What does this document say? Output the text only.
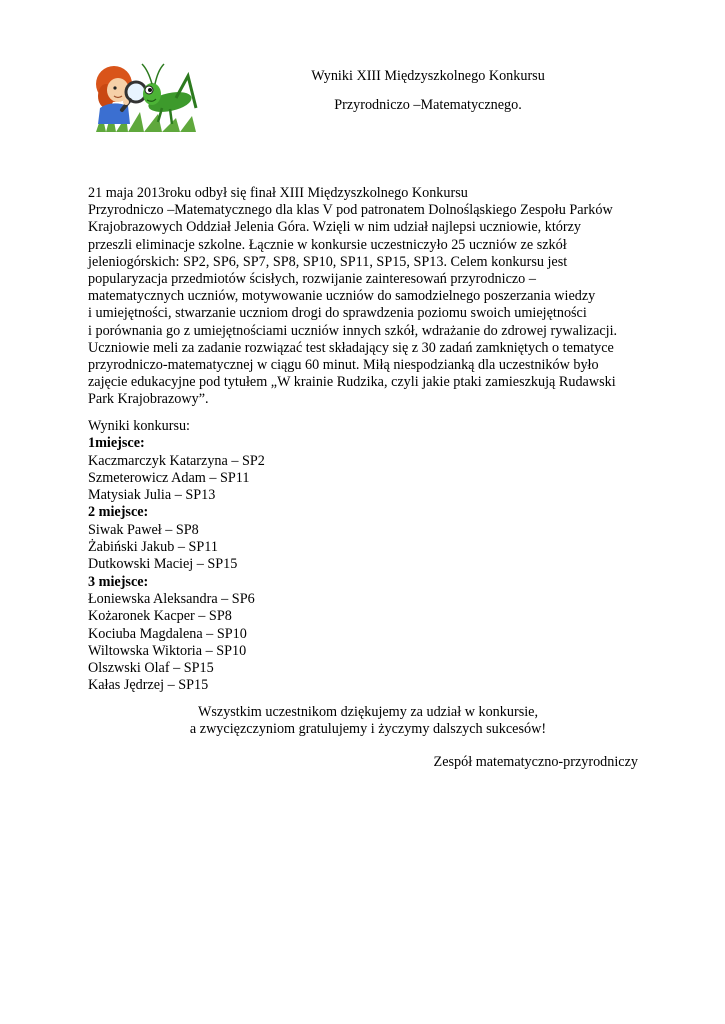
Wyniki XIII Międzyszkolnego Konkursu
Przyrodniczo –Matematycznego.
21 maja 2013roku odbył się finał XIII Międzyszkolnego Konkursu
Przyrodniczo –Matematycznego dla klas V pod patronatem Dolnośląskiego Zespołu Parków
Krajobrazowych Oddział Jelenia Góra. Wzięli w nim udział najlepsi uczniowie, którzy
przeszli eliminacje szkolne. Łącznie w konkursie uczestniczyło 25 uczniów ze szkół
jeleniogórskich: SP2, SP6, SP7, SP8, SP10, SP11, SP15, SP13. Celem konkursu jest
popularyzacja przedmiotów ścisłych, rozwijanie zainteresowań przyrodniczo –
matematycznych uczniów, motywowanie uczniów do samodzielnego poszerzania wiedzy
i umiejętności, stwarzanie uczniom drogi do sprawdzenia poziomu swoich umiejętności
i porównania go z umiejętnościami uczniów innych szkół, wdrażanie do zdrowej rywalizacji.
Uczniowie meli za zadanie rozwiązać test składający się z 30 zadań zamkniętych o tematyce
przyrodniczo-matematycznej w ciągu 60 minut. Miłą niespodzianką dla uczestników było
zajęcie edukacyjne pod tytułem „W krainie Rudzika, czyli jakie ptaki zamieszkują Rudawski
Park Krajobrazowy”.
Wyniki konkursu:
1miejsce:
Kaczmarczyk Katarzyna – SP2
Szmeterowicz Adam – SP11
Matysiak Julia – SP13
2 miejsce:
Siwak Paweł – SP8
Żabiński Jakub – SP11
Dutkowski Maciej – SP15
3 miejsce:
Łoniewska Aleksandra – SP6
Kożaronek Kacper – SP8
Kociuba Magdalena – SP10
Wiltowska Wiktoria – SP10
Olszwski Olaf – SP15
Kałas Jędrzej – SP15
Wszystkim uczestnikom dziękujemy za udział w konkursie,
a zwycięzczyniom gratulujemy i życzymy dalszych sukcesów!
Zespół matematyczno-przyrodniczy
